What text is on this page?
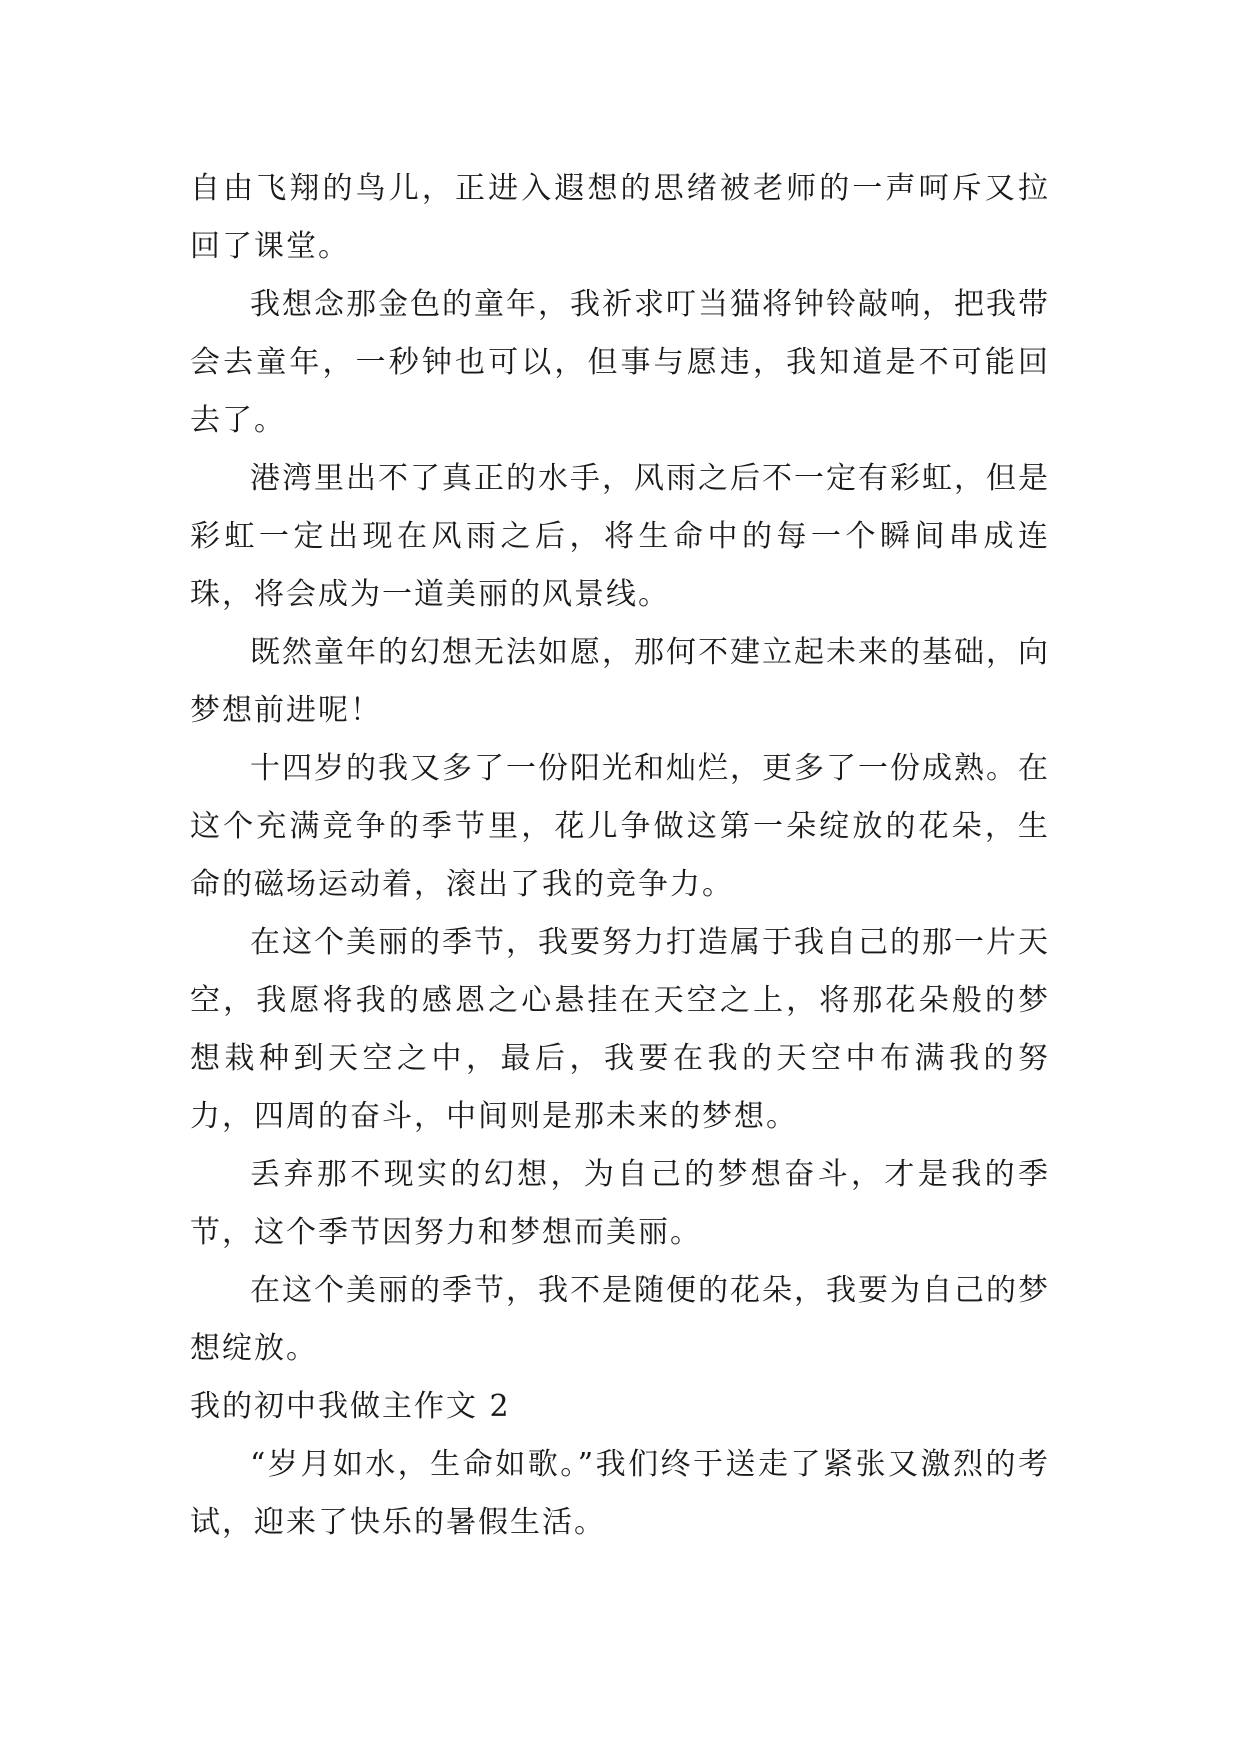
自由飞翔的鸟儿，正进入遐想的思绪被老师的一声呵斥又拉回了课堂。

我想念那金色的童年，我祈求叮当猫将钟铃敲响，把我带会去童年，一秒钟也可以，但事与愿违，我知道是不可能回去了。

港湾里出不了真正的水手，风雨之后不一定有彩虹，但是彩虹一定出现在风雨之后，将生命中的每一个瞬间串成连珠，将会成为一道美丽的风景线。

既然童年的幻想无法如愿，那何不建立起未来的基础，向梦想前进呢！

十四岁的我又多了一份阳光和灿烂，更多了一份成熟。在这个充满竞争的季节里，花儿争做这第一朵绽放的花朵，生命的磁场运动着，滚出了我的竞争力。

在这个美丽的季节，我要努力打造属于我自己的那一片天空，我愿将我的感恩之心悬挂在天空之上，将那花朵般的梦想栽种到天空之中，最后，我要在我的天空中布满我的努力，四周的奋斗，中间则是那未来的梦想。

丢弃那不现实的幻想，为自己的梦想奋斗，才是我的季节，这个季节因努力和梦想而美丽。

在这个美丽的季节，我不是随便的花朵，我要为自己的梦想绽放。

我的初中我做主作文 2

“岁月如水，生命如歌。”我们终于送走了紧张又激烈的考试，迎来了快乐的暑假生活。
